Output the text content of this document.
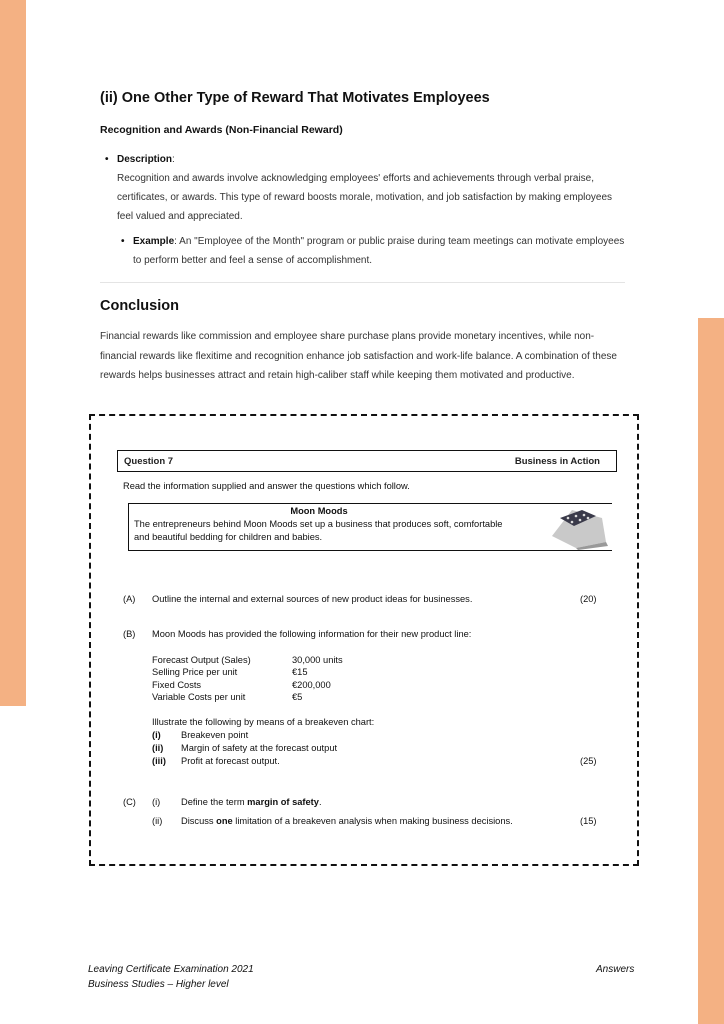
(ii) One Other Type of Reward That Motivates Employees
Recognition and Awards (Non-Financial Reward)
• Description:
Recognition and awards involve acknowledging employees' efforts and achievements through verbal praise, certificates, or awards. This type of reward boosts morale, motivation, and job satisfaction by making employees feel valued and appreciated.
• Example: An "Employee of the Month" program or public praise during team meetings can motivate employees to perform better and feel a sense of accomplishment.
Conclusion
Financial rewards like commission and employee share purchase plans provide monetary incentives, while non-financial rewards like flexitime and recognition enhance job satisfaction and work-life balance. A combination of these rewards helps businesses attract and retain high-caliber staff while keeping them motivated and productive.
Question 7	Business in Action
Read the information supplied and answer the questions which follow.
Moon Moods
The entrepreneurs behind Moon Moods set up a business that produces soft, comfortable and beautiful bedding for children and babies.
(A) Outline the internal and external sources of new product ideas for businesses.	(20)
(B) Moon Moods has provided the following information for their new product line:
Forecast Output (Sales)	30,000 units
Selling Price per unit	€15
Fixed Costs	€200,000
Variable Costs per unit	€5
Illustrate the following by means of a breakeven chart:
(i) Breakeven point
(ii) Margin of safety at the forecast output
(iii) Profit at forecast output.	(25)
(C) (i) Define the term margin of safety.
(ii) Discuss one limitation of a breakeven analysis when making business decisions.	(15)
Leaving Certificate Examination 2021
Business Studies – Higher level
Answers
